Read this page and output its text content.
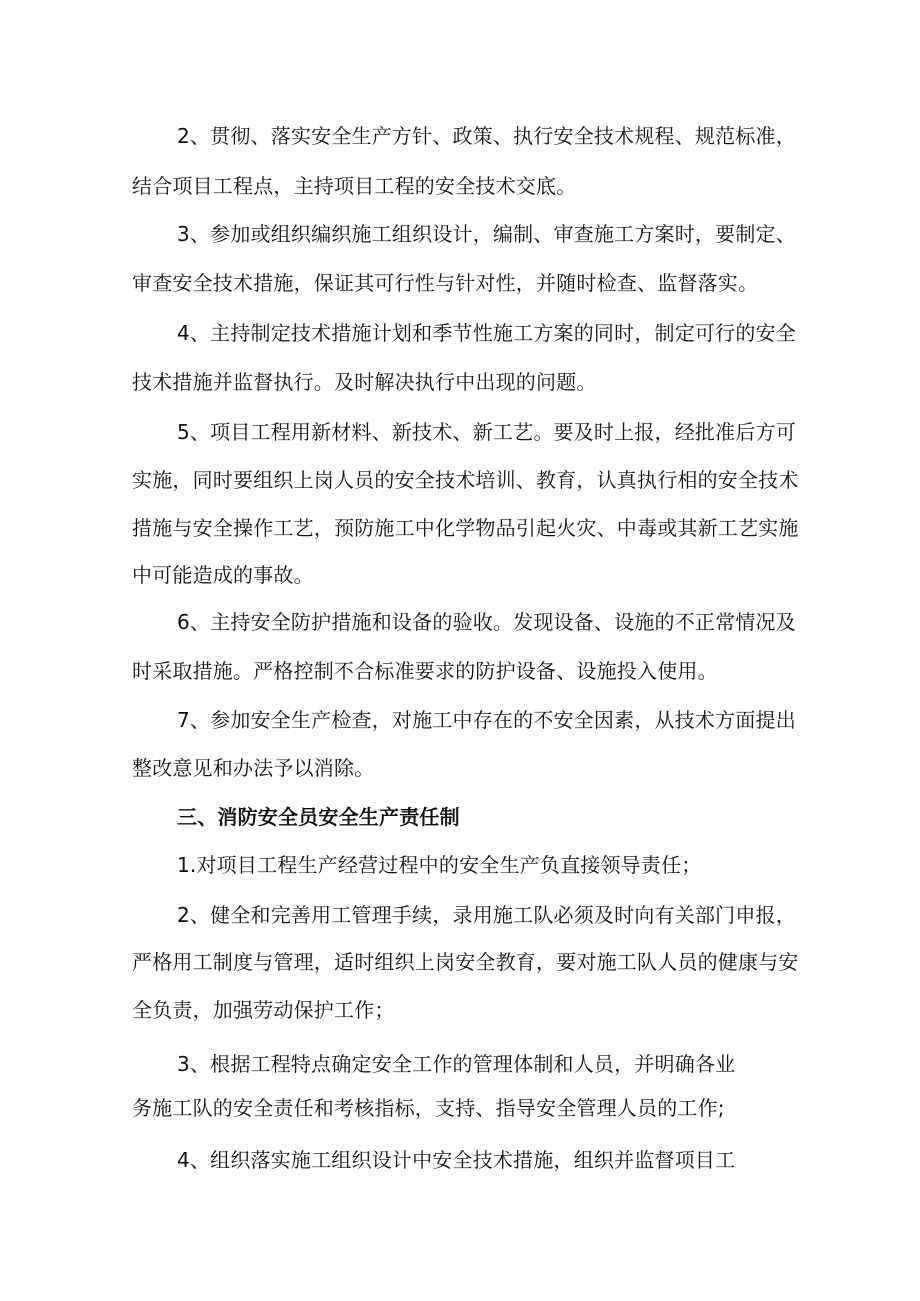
2、贯彻、落实安全生产方针、政策、执行安全技术规程、规范标准，
结合项目工程点，主持项目工程的安全技术交底。
3、参加或组织编织施工组织设计，编制、审查施工方案时，要制定、
审查安全技术措施，保证其可行性与针对性，并随时检查、监督落实。
4、主持制定技术措施计划和季节性施工方案的同时，制定可行的安全
技术措施并监督执行。及时解决执行中出现的问题。
5、项目工程用新材料、新技术、新工艺。要及时上报，经批准后方可
实施，同时要组织上岗人员的安全技术培训、教育，认真执行相的安全技术
措施与安全操作工艺，预防施工中化学物品引起火灾、中毒或其新工艺实施
中可能造成的事故。
6、主持安全防护措施和设备的验收。发现设备、设施的不正常情况及
时采取措施。严格控制不合标准要求的防护设备、设施投入使用。
7、参加安全生产检查，对施工中存在的不安全因素，从技术方面提出
整改意见和办法予以消除。
三、消防安全员安全生产责任制
1.对项目工程生产经营过程中的安全生产负直接领导责任；
2、健全和完善用工管理手续，录用施工队必须及时向有关部门申报，
严格用工制度与管理，适时组织上岗安全教育，要对施工队人员的健康与安
全负责，加强劳动保护工作；
3、根据工程特点确定安全工作的管理体制和人员，并明确各业
务施工队的安全责任和考核指标，支持、指导安全管理人员的工作;
4、组织落实施工组织设计中安全技术措施，组织并监督项目工
